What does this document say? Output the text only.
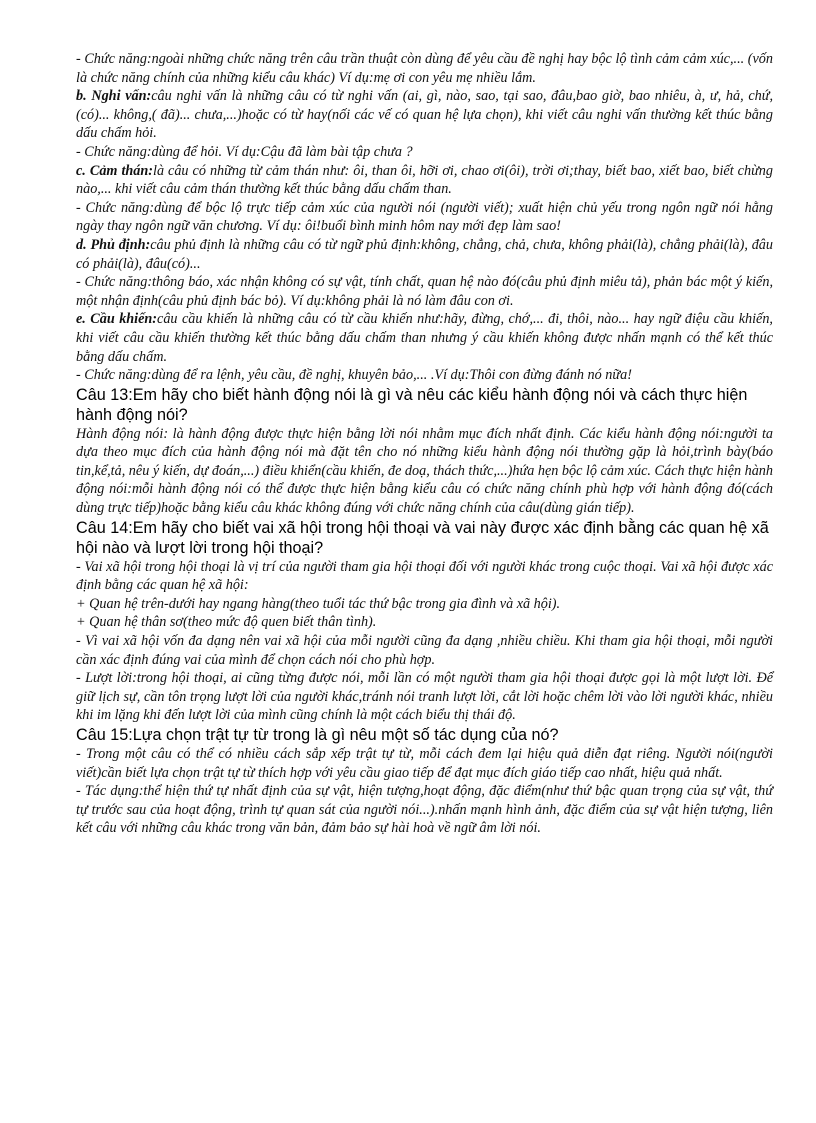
- Chức năng:ngoài những chức năng trên câu trần thuật còn dùng để yêu cầu đề nghị hay bộc lộ tình cảm cảm xúc,... (vốn là chức năng chính của những kiểu câu khác) Ví dụ:mẹ ơi con yêu mẹ nhiều lắm.

b. Nghi vấn:câu nghi vấn là những câu có từ nghi vấn (ai, gì, nào, sao, tại sao, đâu,bao giờ, bao nhiêu, à, ư, hả, chứ,(có)... không,( đã)... chưa,...)hoặc có từ hay(nối các vế có quan hệ lựa chọn), khi viết câu nghi vấn thường kết thúc bằng dấu chấm hỏi.

- Chức năng:dùng để hỏi. Ví dụ:Cậu đã làm bài tập chưa ?

c. Cảm thán:là câu có những từ cảm thán như: ôi, than ôi, hỡi ơi, chao ơi(ôi), trời ơi;thay, biết bao, xiết bao, biết chừng nào,... khi viết câu cảm thán thường kết thúc bằng dấu chấm than.

- Chức năng:dùng để bộc lộ trực tiếp cảm xúc của người nói (người viết); xuất hiện chủ yếu trong ngôn ngữ nói hằng ngày thay ngôn ngữ văn chương. Ví dụ: ôi!buổi bình minh hôm nay mới đẹp làm sao!

d. Phủ định:câu phủ định là những câu có từ ngữ phủ định:không, chẳng, chả, chưa, không phải(là), chẳng phải(là), đâu có phải(là), đâu(có)...

- Chức năng:thông báo, xác nhận không có sự vật, tính chất, quan hệ nào đó(câu phủ định miêu tả), phản bác một ý kiến, một nhận định(câu phủ định bác bỏ). Ví dụ:không phải là nó làm đâu con ơi.

e. Cầu khiến:câu cầu khiến là những câu có từ cầu khiến như:hãy, đừng, chớ,... đi, thôi, nào... hay ngữ điệu cầu khiến, khi viết câu cầu khiến thường kết thúc bằng dấu chấm than nhưng ý cầu khiến không được nhấn mạnh có thể kết thúc bằng dấu chấm.

- Chức năng:dùng để ra lệnh, yêu cầu, đề nghị, khuyên bảo,... .Ví dụ:Thôi con đừng đánh nó nữa!

Câu 13:Em hãy cho biết hành động nói là gì và nêu các kiểu hành động nói và cách thực hiện hành động nói?

Hành động nói: là hành động được thực hiện bằng lời nói nhằm mục đích nhất định. Các kiểu hành động nói:người ta dựa theo mục đích của hành động nói mà đặt tên cho nó những kiểu hành động nói thường gặp là hỏi,trình bày(báo tin,kể,tả, nêu ý kiến, dự đoán,...) điều khiển(cầu khiến, đe doạ, thách thức,...)hứa hẹn bộc lộ cảm xúc. Cách thực hiện hành động nói:mỗi hành động nói có thể được thực hiện bằng kiểu câu có chức năng chính phù hợp với hành động đó(cách dùng trực tiếp)hoặc bằng kiểu câu khác không đúng với chức năng chính của câu(dùng gián tiếp).

Câu 14:Em hãy cho biết vai xã hội trong hội thoại và vai này được xác định bằng các quan hệ xã hội nào và lượt lời trong hội thoại?

- Vai xã hội trong hội thoại là vị trí của người tham gia hội thoại đối với người khác trong cuộc thoại. Vai xã hội được xác định bằng các quan hệ xã hội:

+ Quan hệ trên-dưới hay ngang hàng(theo tuổi tác thứ bậc trong gia đình và xã hội).

+ Quan hệ thân sơ(theo mức độ quen biết thân tình).

- Vì vai xã hội vốn đa dạng nên vai xã hội của mỗi người cũng đa dạng ,nhiều chiều. Khi tham gia hội thoại, mỗi người cần xác định đúng vai của mình để chọn cách nói cho phù hợp.

- Lượt lời:trong hội thoại, ai cũng từng được nói, mỗi lần có một người tham gia hội thoại được gọi là một lượt lời. Để giữ lịch sự, cần tôn trọng lượt lời của người khác,tránh nói tranh lượt lời, cắt lời hoặc chêm lời vào lời người khác, nhiều khi im lặng khi đến lượt lời của mình cũng chính là một cách biểu thị thái độ.

Câu 15:Lựa chọn trật tự từ trong là gì nêu một số tác dụng của nó?

- Trong một câu có thể có nhiều cách sắp xếp trật tự từ, mỗi cách đem lại hiệu quả diễn đạt riêng. Người nói(người viết)cần biết lựa chọn trật tự từ thích hợp với yêu cầu giao tiếp để đạt mục đích giáo tiếp cao nhất, hiệu quả nhất.

- Tác dụng:thể hiện thứ tự nhất định của sự vật, hiện tượng,hoạt động, đặc điểm(như thứ bậc quan trọng của sự vật, thứ tự trước sau của hoạt động, trình tự quan sát của người nói...).nhấn mạnh hình ảnh, đặc điểm của sự vật hiện tượng, liên kết câu với những câu khác trong văn bản, đảm bảo sự hài hoà về ngữ âm lời nói.
